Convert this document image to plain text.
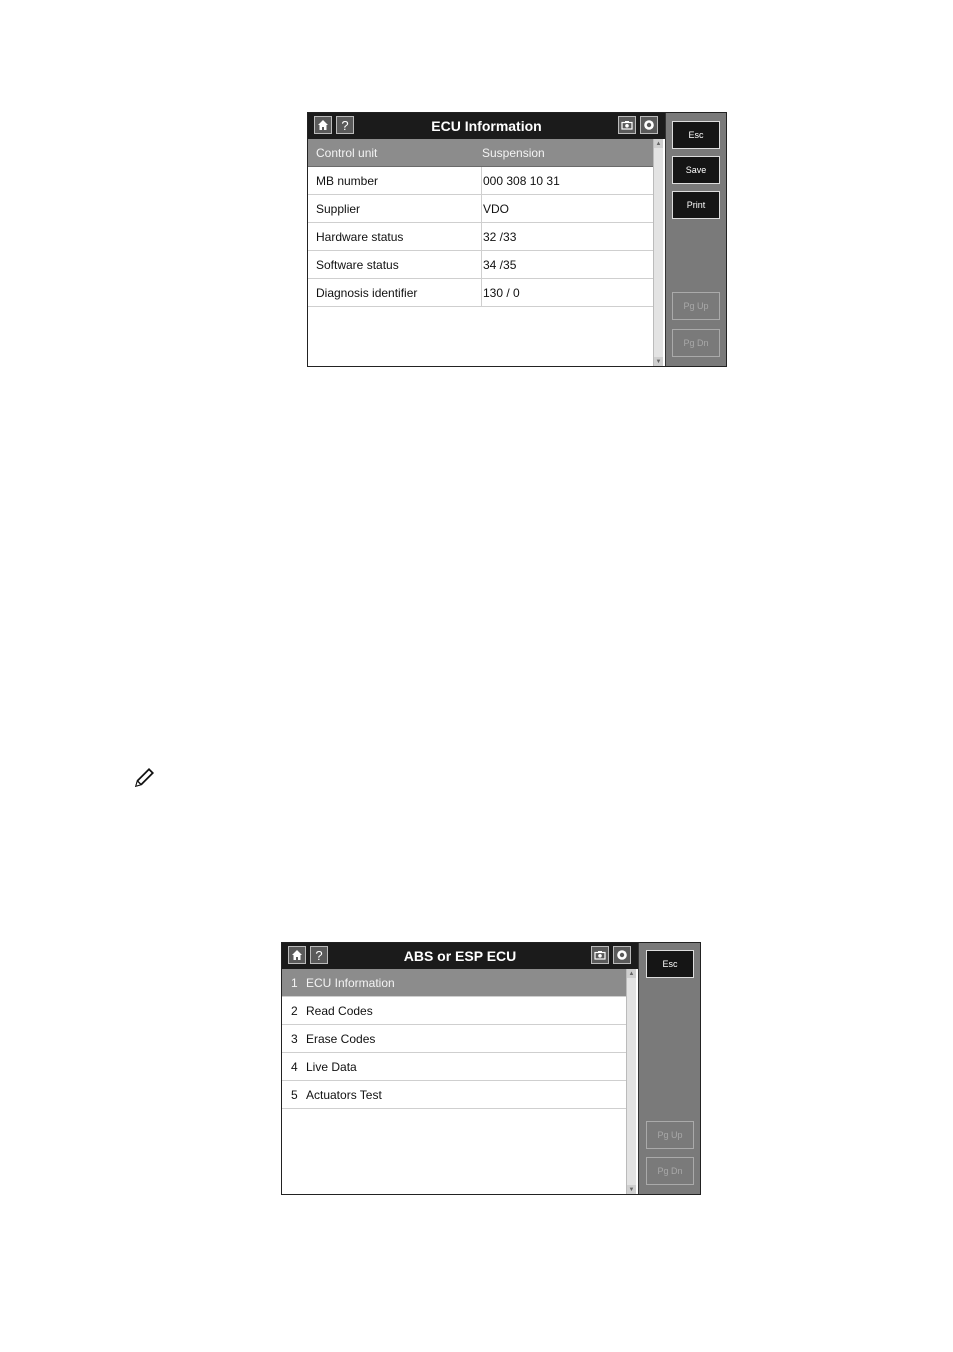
ECU Information
?
Control unit	Suspension
MB number	000 308 10 31
Supplier	VDO
Hardware status	32 /33
Software status	34 /35
Diagnosis identifier	130 / 0
▲
▼
Esc
Save
Print
Pg Up
Pg Dn
ABS or ESP ECU
?
1 ECU Information
2 Read Codes
3 Erase Codes
4 Live Data
5 Actuators Test
▲
▼
Esc
Pg Up
Pg Dn
